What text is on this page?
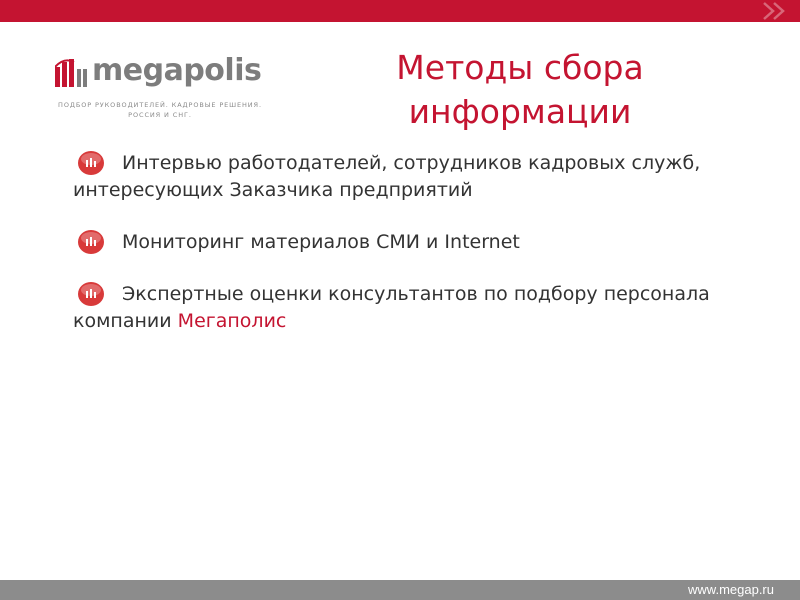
megapolis
ПОДБОР РУКОВОДИТЕЛЕЙ. КАДРОВЫЕ РЕШЕНИЯ.
РОССИЯ И СНГ.
Методы сбора
информации
Интервью работодателей, сотрудников кадровых служб, интересующих Заказчика предприятий
Мониторинг материалов СМИ и Internet
Экспертные оценки консультантов по подбору персонала компании Мегаполис
www.megap.ru
